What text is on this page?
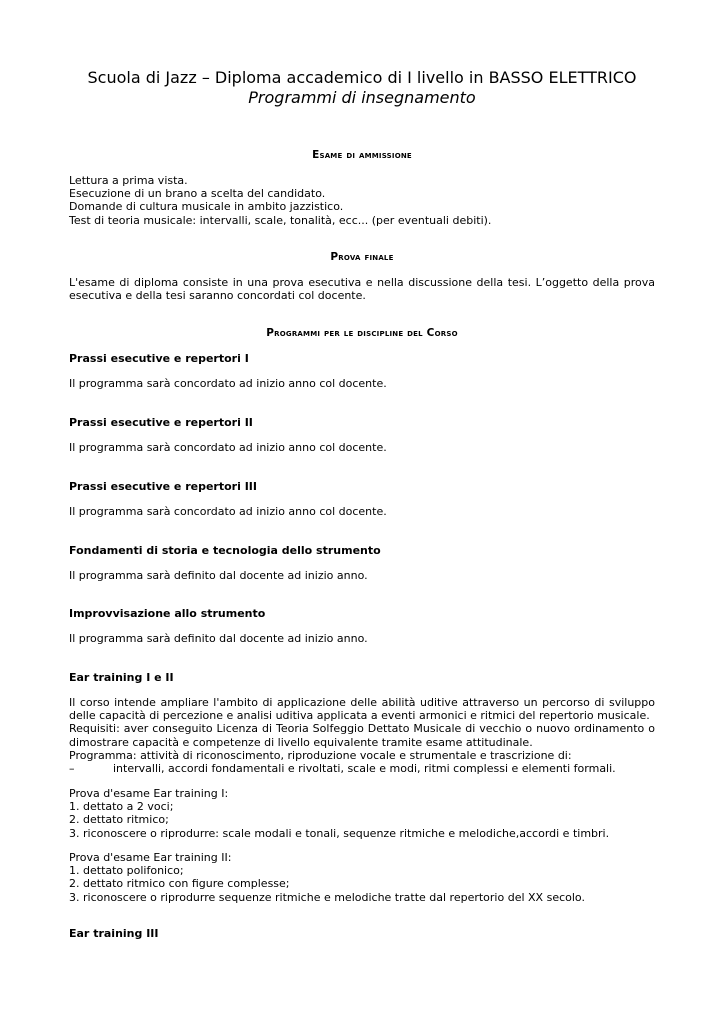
Scuola di Jazz – Diploma accademico di I livello in BASSO ELETTRICO
Programmi di insegnamento
Esame di ammissione
Lettura a prima vista.
Esecuzione di un brano a scelta del candidato.
Domande di cultura musicale in ambito jazzistico.
Test di teoria musicale: intervalli, scale, tonalità, ecc... (per eventuali debiti).
Prova finale
L'esame di diploma consiste in una prova esecutiva e nella discussione della tesi. L’oggetto della prova esecutiva e della tesi saranno concordati col docente.
Programmi per le discipline del Corso
Prassi esecutive e repertori I
Il programma sarà concordato ad inizio anno col docente.
Prassi esecutive e repertori II
Il programma sarà concordato ad inizio anno col docente.
Prassi esecutive e repertori III
Il programma sarà concordato ad inizio anno col docente.
Fondamenti di storia e tecnologia dello strumento
Il programma sarà definito dal docente ad inizio anno.
Improvvisazione allo strumento
Il programma sarà definito dal docente ad inizio anno.
Ear training I e II
Il corso intende ampliare l'ambito di applicazione delle abilità uditive attraverso un percorso di sviluppo delle capacità di percezione e analisi uditiva applicata a eventi armonici e ritmici del repertorio musicale.
Requisiti: aver conseguito Licenza di Teoria Solfeggio Dettato Musicale di vecchio o nuovo ordinamento o dimostrare capacità e competenze di livello equivalente tramite esame attitudinale.
Programma: attività di riconoscimento, riproduzione vocale e strumentale e trascrizione di:
–	intervalli, accordi fondamentali e rivoltati, scale e modi, ritmi complessi e elementi formali.
Prova d'esame Ear training I:
1. dettato a 2 voci;
2. dettato ritmico;
3. riconoscere o riprodurre: scale modali e tonali, sequenze ritmiche e melodiche,accordi e timbri.
Prova d'esame Ear training II:
1. dettato polifonico;
2. dettato ritmico con figure complesse;
3. riconoscere o riprodurre sequenze ritmiche e melodiche tratte dal repertorio del XX secolo.
Ear training III
